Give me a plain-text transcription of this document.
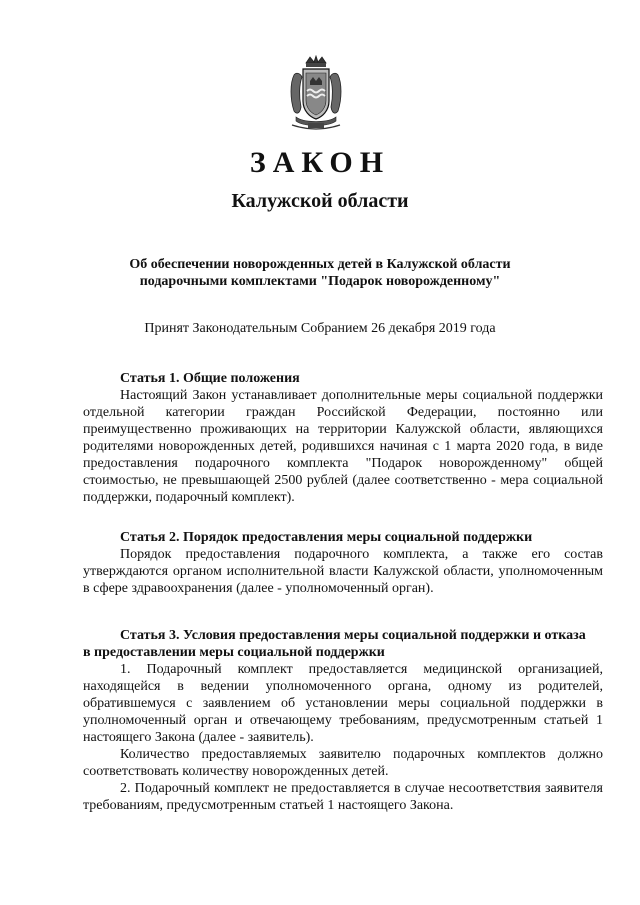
ЗАКОН
Калужской области
Об обеспечении новорожденных детей в Калужской области
подарочными комплектами "Подарок новорожденному"
Принят Законодательным Собранием 26 декабря 2019 года
Статья 1. Общие положения

Настоящий Закон устанавливает дополнительные меры социальной поддержки отдельной категории граждан Российской Федерации, постоянно или преимущественно проживающих на территории Калужской области, являющихся родителями новорожденных детей, родившихся начиная с 1 марта 2020 года, в виде предоставления подарочного комплекта "Подарок новорожденному" общей стоимостью, не превышающей 2500 рублей (далее соответственно - мера социальной поддержки, подарочный комплект).

Статья 2. Порядок предоставления меры социальной поддержки

Порядок предоставления подарочного комплекта, а также его состав утверждаются органом исполнительной власти Калужской области, уполномоченным в сфере здравоохранения (далее - уполномоченный орган).

Статья 3. Условия предоставления меры социальной поддержки и отказа
в предоставлении меры социальной поддержки

1. Подарочный комплект предоставляется медицинской организацией, находящейся в ведении уполномоченного органа, одному из родителей, обратившемуся с заявлением об установлении меры социальной поддержки в уполномоченный орган и отвечающему требованиям, предусмотренным статьей 1 настоящего Закона (далее - заявитель).

Количество предоставляемых заявителю подарочных комплектов должно соответствовать количеству новорожденных детей.

2. Подарочный комплект не предоставляется в случае несоответствия заявителя требованиям, предусмотренным статьей 1 настоящего Закона.
